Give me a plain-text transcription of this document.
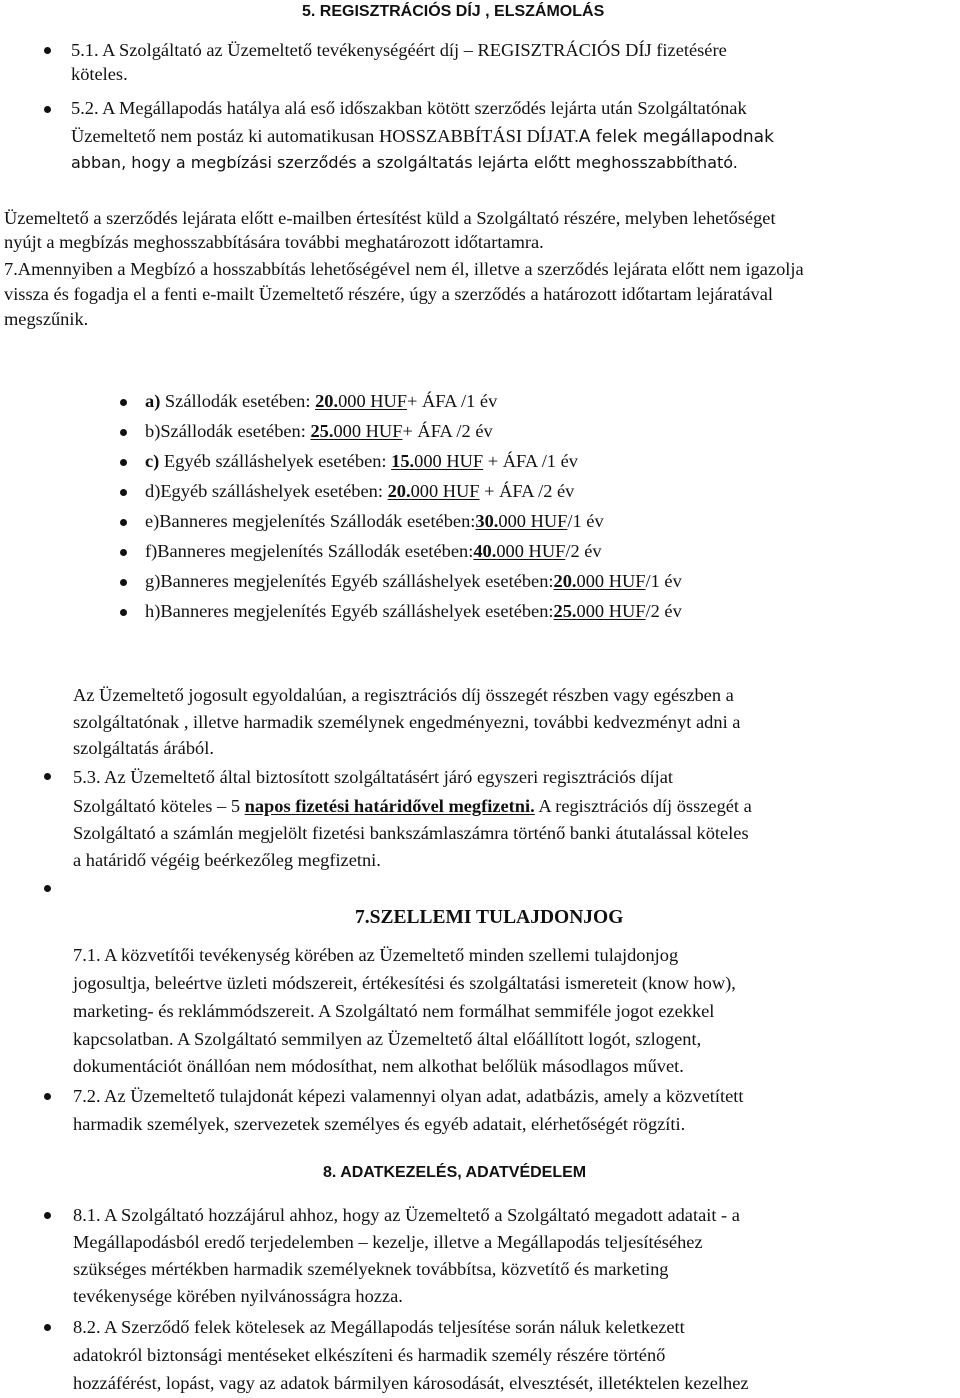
5. REGISZTRÁCIÓS DÍJ , ELSZÁMOLÁS
5.1. A Szolgáltató az Üzemeltető tevékenységéért díj – REGISZTRÁCIÓS DÍJ fizetésére
köteles.
5.2. A Megállapodás hatálya alá eső időszakban kötött szerződés lejárta után Szolgáltatónak
Üzemeltető nem postáz ki automatikusan HOSSZABBÍTÁSI DÍJAT.A felek megállapodnak
abban, hogy a megbízási szerződés a szolgáltatás lejárta előtt meghosszabbítható.
Üzemeltető a szerződés lejárata előtt e-mailben értesítést küld a Szolgáltató részére, melyben lehetőséget
nyújt a megbízás meghosszabbítására további meghatározott időtartamra.
7.Amennyiben a Megbízó a hosszabbítás lehetőségével nem él, illetve a szerződés lejárata előtt nem igazolja
vissza és fogadja el a fenti e-mailt Üzemeltető részére, úgy a szerződés a határozott időtartam lejáratával
megszűnik.
a) Szállodák esetében: 20.000 HUF+ ÁFA /1 év
b)Szállodák esetében: 25.000 HUF+ ÁFA /2 év
c) Egyéb szálláshelyek esetében: 15.000 HUF + ÁFA /1 év
d)Egyéb szálláshelyek esetében: 20.000 HUF + ÁFA /2 év
e)Banneres megjelenítés Szállodák esetében:30.000 HUF/1 év
f)Banneres megjelenítés Szállodák esetében:40.000 HUF/2 év
g)Banneres megjelenítés Egyéb szálláshelyek esetében:20.000 HUF/1 év
h)Banneres megjelenítés Egyéb szálláshelyek esetében:25.000 HUF/2 év
Az Üzemeltető jogosult egyoldalúan, a regisztrációs díj összegét részben vagy egészben a
szolgáltatónak , illetve harmadik személynek engedményezni, további kedvezményt adni a
szolgáltatás árából.
5.3. Az Üzemeltető által biztosított szolgáltatásért járó egyszeri regisztrációs díjat
Szolgáltató köteles – 5 napos fizetési határidővel megfizetni. A regisztrációs díj összegét a
Szolgáltató a számlán megjelölt fizetési bankszámlaszámra történő banki átutalással köteles
a határidő végéig beérkezőleg megfizetni.
7.SZELLEMI TULAJDONJOG
7.1. A közvetítői tevékenység körében az Üzemeltető minden szellemi tulajdonjog
jogosultja, beleértve üzleti módszereit, értékesítési és szolgáltatási ismereteit (know how),
marketing- és reklámmódszereit. A Szolgáltató nem formálhat semmiféle jogot ezekkel
kapcsolatban. A Szolgáltató semmilyen az Üzemeltető által előállított logót, szlogent,
dokumentációt önállóan nem módosíthat, nem alkothat belőlük másodlagos művet.
7.2. Az Üzemeltető tulajdonát képezi valamennyi olyan adat, adatbázis, amely a közvetített
harmadik személyek, szervezetek személyes és egyéb adatait, elérhetőségét rögzíti.
8. ADATKEZELÉS, ADATVÉDELEM
8.1. A Szolgáltató hozzájárul ahhoz, hogy az Üzemeltető a Szolgáltató megadott adatait - a
Megállapodásból eredő terjedelemben – kezelje, illetve a Megállapodás teljesítéséhez
szükséges mértékben harmadik személyeknek továbbítsa, közvetítő és marketing
tevékenysége körében nyilvánosságra hozza.
8.2. A Szerződő felek kötelesek az Megállapodás teljesítése során náluk keletkezett
adatokról biztonsági mentéseket elkészíteni és harmadik személy részére történő
hozzáférést, lopást, vagy az adatok bármilyen károsodását, elvesztését, illetéktelen kezelhez
